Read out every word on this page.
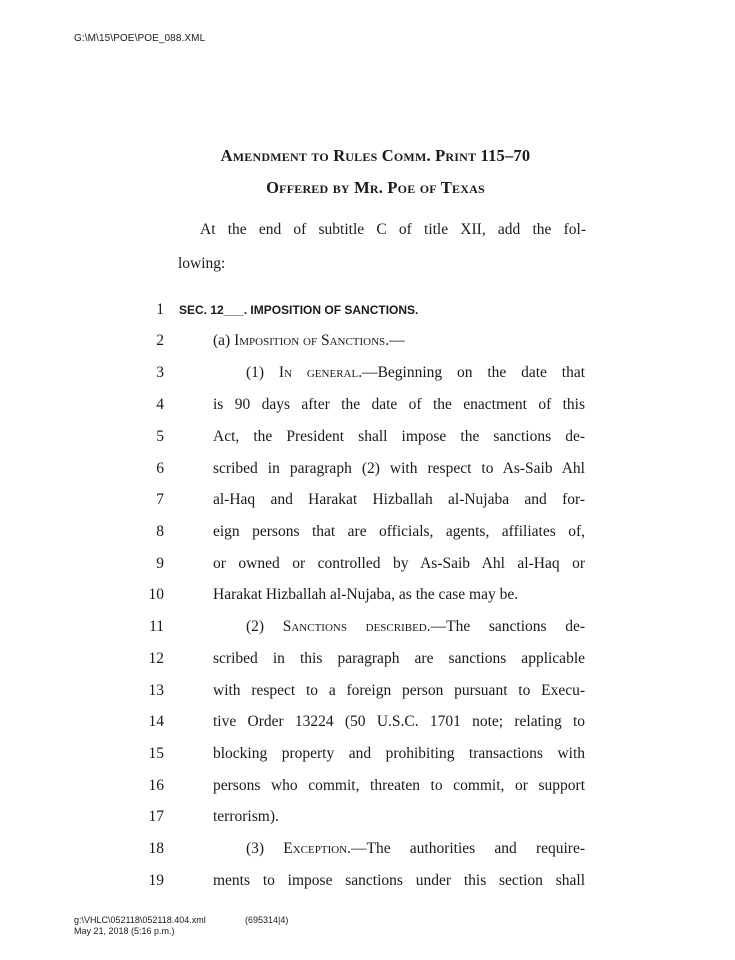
G:\M\15\POE\POE_088.XML
Amendment to Rules Comm. Print 115–70
Offered by Mr. Poe of Texas
At the end of subtitle C of title XII, add the fol-
lowing:
1 SEC. 12___. IMPOSITION OF SANCTIONS.
2	(a) Imposition of Sanctions.—
3	(1) In general.—Beginning on the date that
4	is 90 days after the date of the enactment of this
5	Act, the President shall impose the sanctions de-
6	scribed in paragraph (2) with respect to As-Saib Ahl
7	al-Haq and Harakat Hizballah al-Nujaba and for-
8	eign persons that are officials, agents, affiliates of,
9	or owned or controlled by As-Saib Ahl al-Haq or
10	Harakat Hizballah al-Nujaba, as the case may be.
11	(2) Sanctions described.—The sanctions de-
12	scribed in this paragraph are sanctions applicable
13	with respect to a foreign person pursuant to Execu-
14	tive Order 13224 (50 U.S.C. 1701 note; relating to
15	blocking property and prohibiting transactions with
16	persons who commit, threaten to commit, or support
17	terrorism).
18	(3) Exception.—The authorities and require-
19	ments to impose sanctions under this section shall
g:\VHLC\052118\052118.404.xml	(695314|4)
May 21, 2018 (5:16 p.m.)
